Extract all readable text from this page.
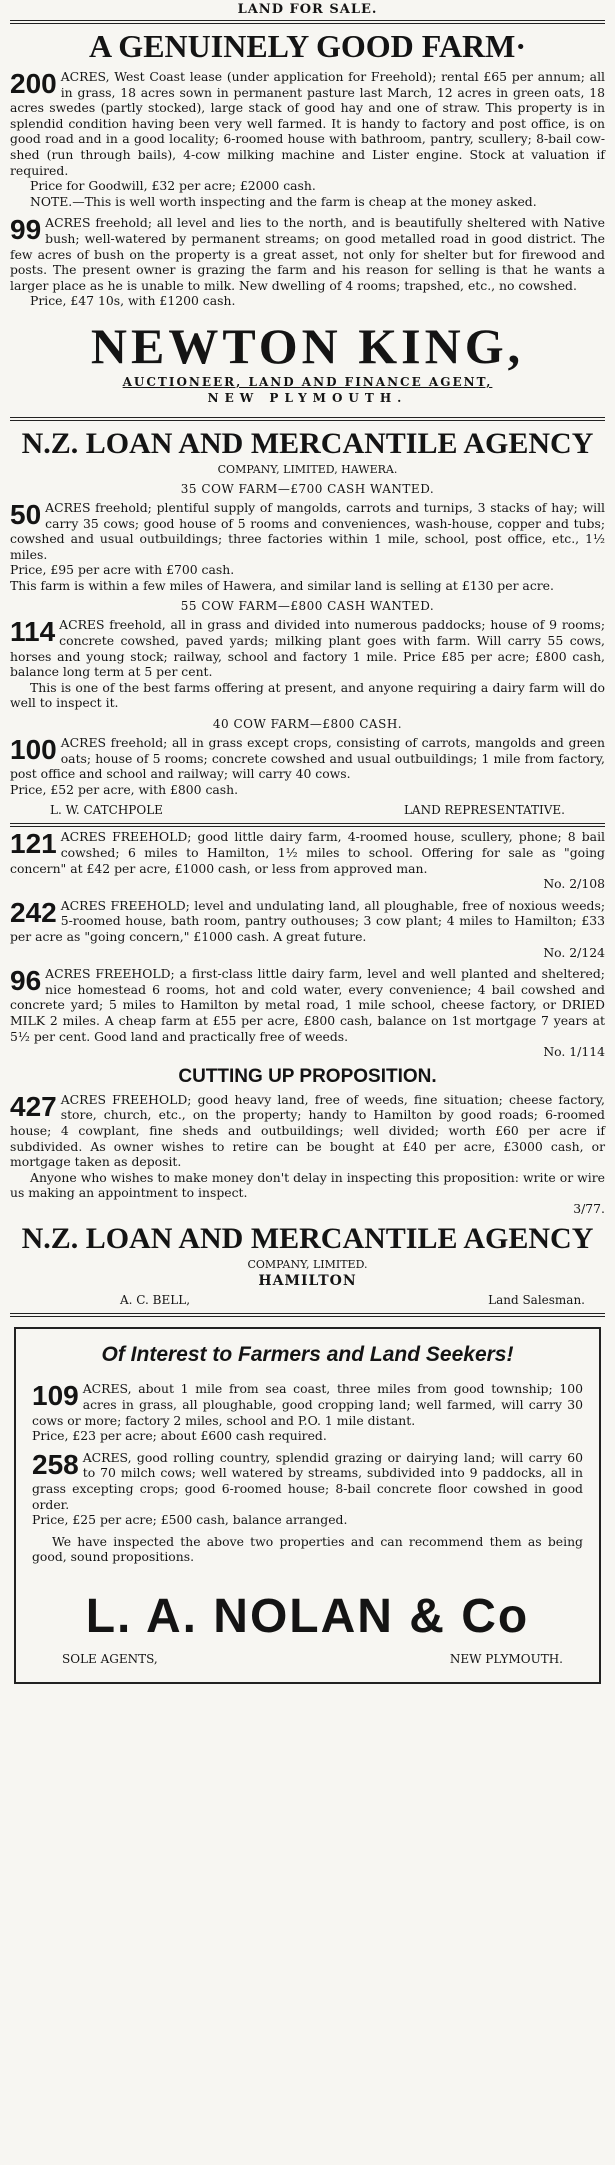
LAND FOR SALE.
A GENUINELY GOOD FARM·
200 ACRES, West Coast lease (under application for Freehold); rental £65 per annum; all in grass, 18 acres sown in permanent pasture last March, 12 acres in green oats, 18 acres swedes (partly stocked), large stack of good hay and one of straw. This property is in splendid condition having been very well farmed. It is handy to factory and post office, is on good road and in a good locality; 6-roomed house with bathroom, pantry, scullery; 8-bail cow-shed (run through bails), 4-cow milking machine and Lister engine. Stock at valuation if required.
Price for Goodwill, £32 per acre; £2000 cash.
NOTE.—This is well worth inspecting and the farm is cheap at the money asked.
99 ACRES freehold; all level and lies to the north, and is beautifully sheltered with Native bush; well-watered by permanent streams; on good metalled road in good district. The few acres of bush on the property is a great asset, not only for shelter but for firewood and posts. The present owner is grazing the farm and his reason for selling is that he wants a larger place as he is unable to milk. New dwelling of 4 rooms; trapshed, etc., no cowshed.
Price, £47 10s, with £1200 cash.
NEWTON KING,
AUCTIONEER, LAND AND FINANCE AGENT,
NEW PLYMOUTH.
N.Z. LOAN AND MERCANTILE AGENCY
COMPANY, LIMITED, HAWERA.
35 COW FARM—£700 CASH WANTED.
50 ACRES freehold; plentiful supply of mangolds, carrots and turnips, 3 stacks of hay; will carry 35 cows; good house of 5 rooms and conveniences, wash-house, copper and tubs; cowshed and usual outbuildings; three factories within 1 mile, school, post office, etc., 1½ miles.
Price, £95 per acre with £700 cash.
This farm is within a few miles of Hawera, and similar land is selling at £130 per acre.
55 COW FARM—£800 CASH WANTED.
114 ACRES freehold, all in grass and divided into numerous paddocks; house of 9 rooms; concrete cowshed, paved yards; milking plant goes with farm. Will carry 55 cows, horses and young stock; railway, school and factory 1 mile. Price £85 per acre; £800 cash, balance long term at 5 per cent.
This is one of the best farms offering at present, and anyone requiring a dairy farm will do well to inspect it.
40 COW FARM—£800 CASH.
100 ACRES freehold; all in grass except crops, consisting of carrots, mangolds and green oats; house of 5 rooms; concrete cowshed and usual outbuildings; 1 mile from factory, post office and school and railway; will carry 40 cows.
Price, £52 per acre, with £800 cash.
L. W. CATCHPOLE	LAND REPRESENTATIVE.
121 ACRES FREEHOLD; good little dairy farm, 4-roomed house, scullery, phone; 8 bail cowshed; 6 miles to Hamilton, 1½ miles to school. Offering for sale as "going concern" at £42 per acre, £1000 cash, or less from approved man.
No. 2/108
242 ACRES FREEHOLD; level and undulating land, all ploughable, free of noxious weeds; 5-roomed house, bath room, pantry outhouses; 3 cow plant; 4 miles to Hamilton; £33 per acre as "going concern," £1000 cash. A great future.
No. 2/124
96 ACRES FREEHOLD; a first-class little dairy farm, level and well planted and sheltered; nice homestead 6 rooms, hot and cold water, every convenience; 4 bail cowshed and concrete yard; 5 miles to Hamilton by metal road, 1 mile school, cheese factory, or DRIED MILK 2 miles. A cheap farm at £55 per acre, £800 cash, balance on 1st mortgage 7 years at 5½ per cent. Good land and practically free of weeds.
No. 1/114
CUTTING UP PROPOSITION.
427 ACRES FREEHOLD; good heavy land, free of weeds, fine situation; cheese factory, store, church, etc., on the property; handy to Hamilton by good roads; 6-roomed house; 4 cowplant, fine sheds and outbuildings; well divided; worth £60 per acre if subdivided. As owner wishes to retire can be bought at £40 per acre, £3000 cash, or mortgage taken as deposit.
Anyone who wishes to make money don't delay in inspecting this proposition: write or wire us making an appointment to inspect.
3/77.
N.Z. LOAN AND MERCANTILE AGENCY
COMPANY, LIMITED.
HAMILTON
A. C. BELL,	Land Salesman.
Of Interest to Farmers and Land Seekers!
109 ACRES, about 1 mile from sea coast, three miles from good township; 100 acres in grass, all ploughable, good cropping land; well farmed, will carry 30 cows or more; factory 2 miles, school and P.O. 1 mile distant.
Price, £23 per acre; about £600 cash required.
258 ACRES, good rolling country, splendid grazing or dairying land; will carry 60 to 70 milch cows; well watered by streams, subdivided into 9 paddocks, all in grass excepting crops; good 6-roomed house; 8-bail concrete floor cowshed in good order.
Price, £25 per acre; £500 cash, balance arranged.
We have inspected the above two properties and can recommend them as being good, sound propositions.
L. A. NOLAN & Co
SOLE AGENTS,	NEW PLYMOUTH.
